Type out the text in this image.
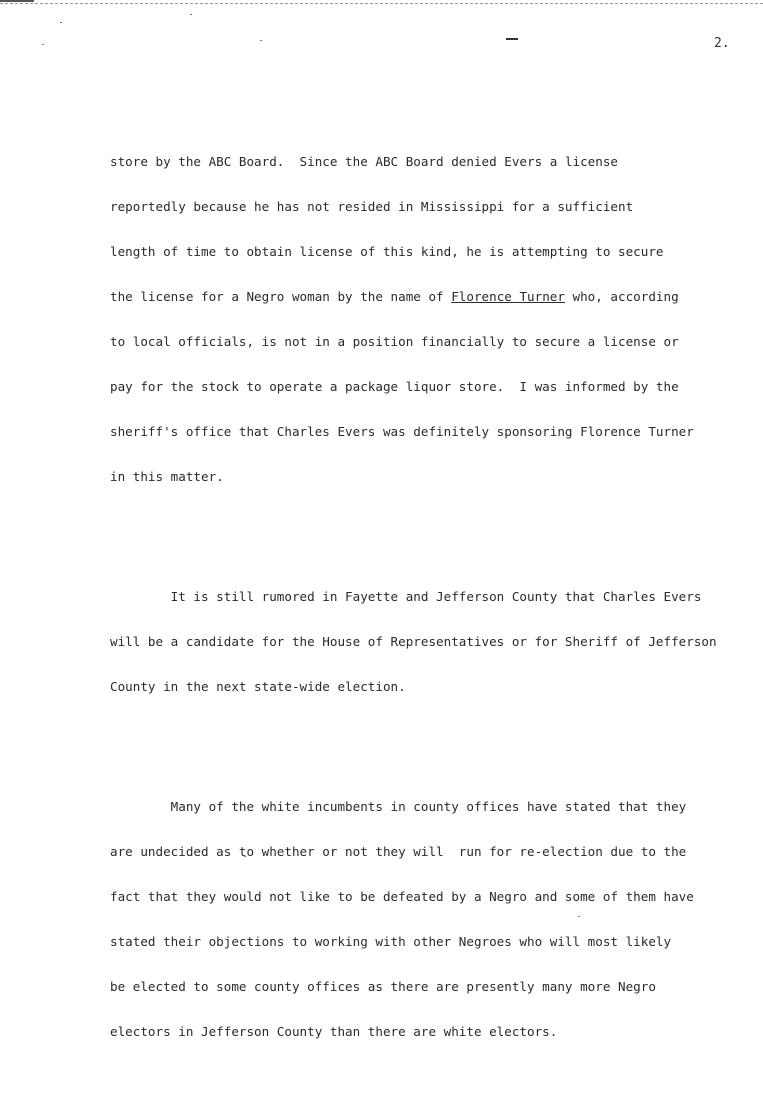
2.

store by the ABC Board.  Since the ABC Board denied Evers a license

reportedly because he has not resided in Mississippi for a sufficient

length of time to obtain license of this kind, he is attempting to secure

the license for a Negro woman by the name of Florence Turner who, according

to local officials, is not in a position financially to secure a license or

pay for the stock to operate a package liquor store.  I was informed by the

sheriff's office that Charles Evers was definitely sponsoring Florence Turner

in this matter.

It is still rumored in Fayette and Jefferson County that Charles Evers

will be a candidate for the House of Representatives or for Sheriff of Jefferson

County in the next state-wide election.

Many of the white incumbents in county offices have stated that they

are undecided as to whether or not they will  run for re-election due to the

fact that they would not like to be defeated by a Negro and some of them have

stated their objections to working with other Negroes who will most likely

be elected to some county offices as there are presently many more Negro

electors in Jefferson County than there are white electors.
